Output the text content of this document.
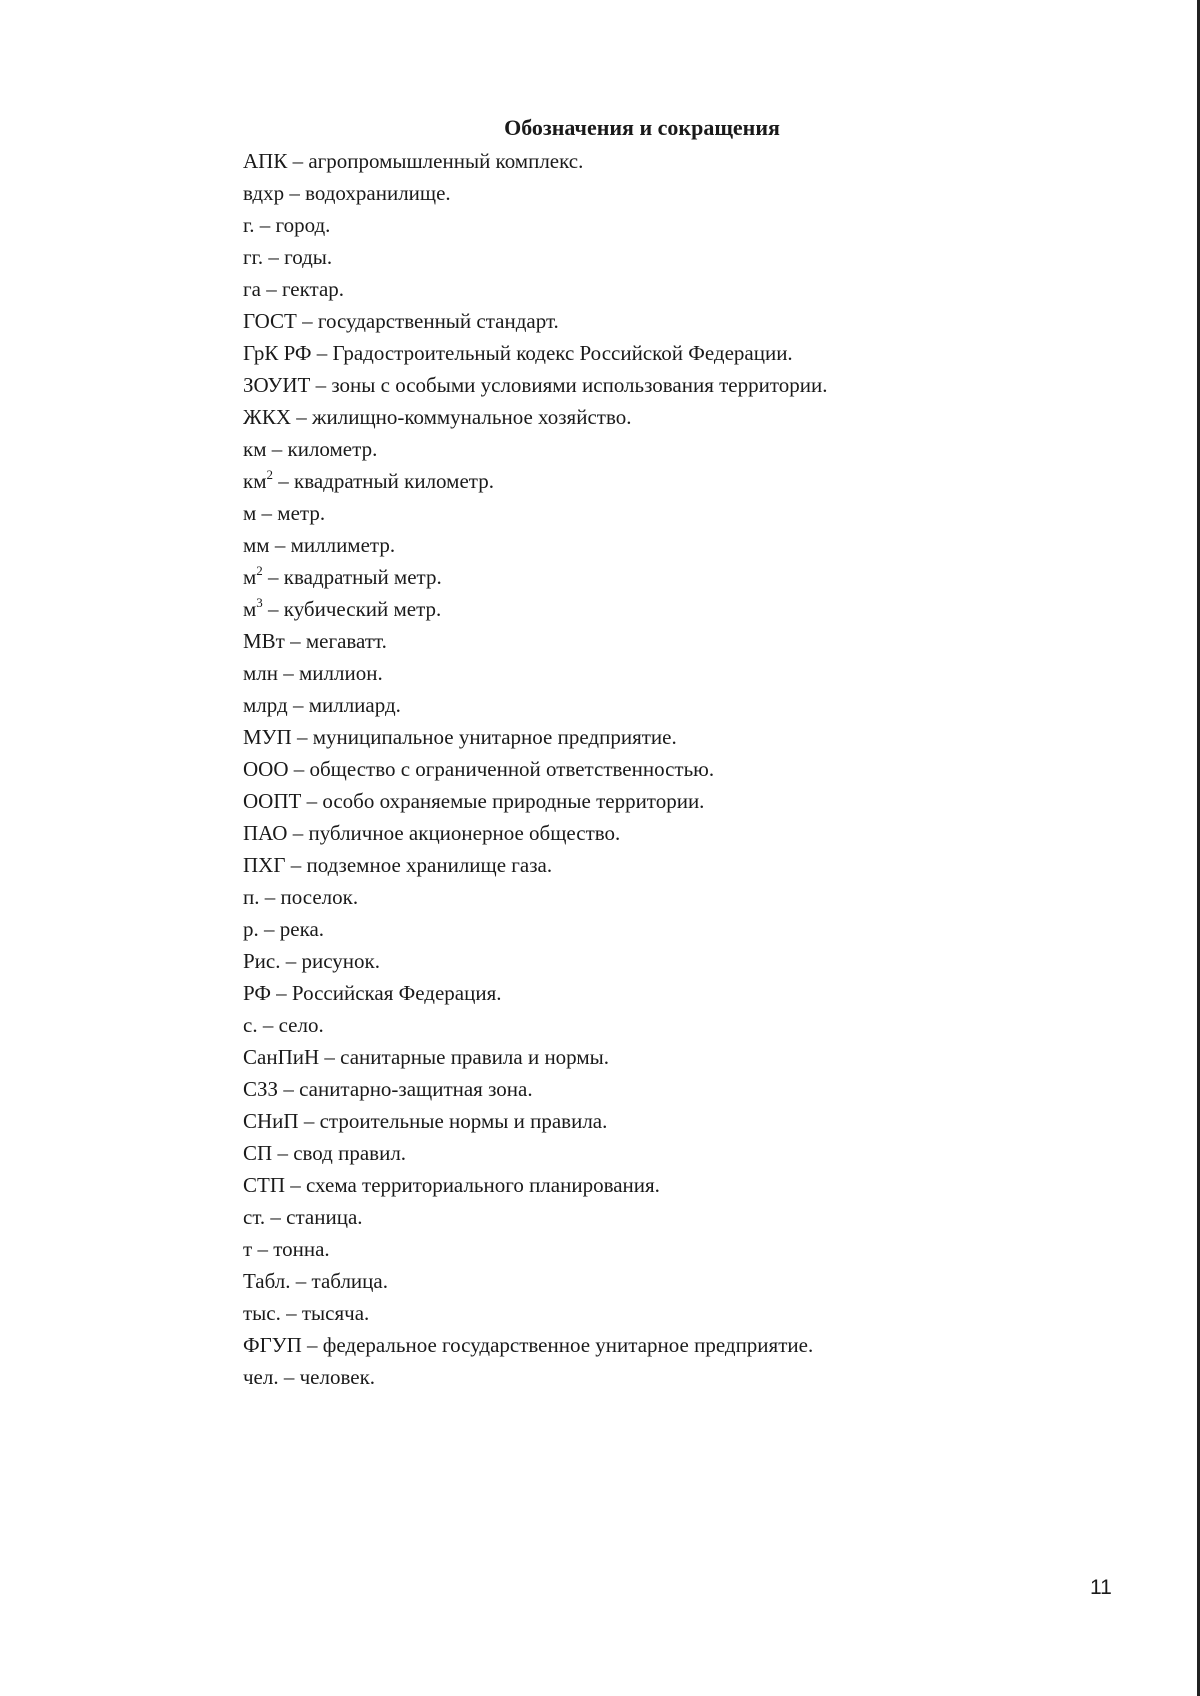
Обозначения и сокращения
АПК – агропромышленный комплекс.
вдхр – водохранилище.
г. – город.
гг. – годы.
га – гектар.
ГОСТ – государственный стандарт.
ГрК РФ – Градостроительный кодекс Российской Федерации.
ЗОУИТ – зоны с особыми условиями использования территории.
ЖКХ – жилищно-коммунальное хозяйство.
км – километр.
$км^2$ – квадратный километр.
м – метр.
мм – миллиметр.
$м^2$ – квадратный метр.
$м^3$ – кубический метр.
МВт – мегаватт.
млн – миллион.
млрд – миллиард.
МУП – муниципальное унитарное предприятие.
ООО – общество с ограниченной ответственностью.
ООПТ – особо охраняемые природные территории.
ПАО – публичное акционерное общество.
ПХГ – подземное хранилище газа.
п. – поселок.
р. – река.
Рис. – рисунок.
РФ – Российская Федерация.
с. – село.
СанПиН – санитарные правила и нормы.
СЗЗ – санитарно-защитная зона.
СНиП – строительные нормы и правила.
СП – свод правил.
СТП – схема территориального планирования.
ст. – станица.
т – тонна.
Табл. – таблица.
тыс. – тысяча.
ФГУП – федеральное государственное унитарное предприятие.
чел. – человек.
11
